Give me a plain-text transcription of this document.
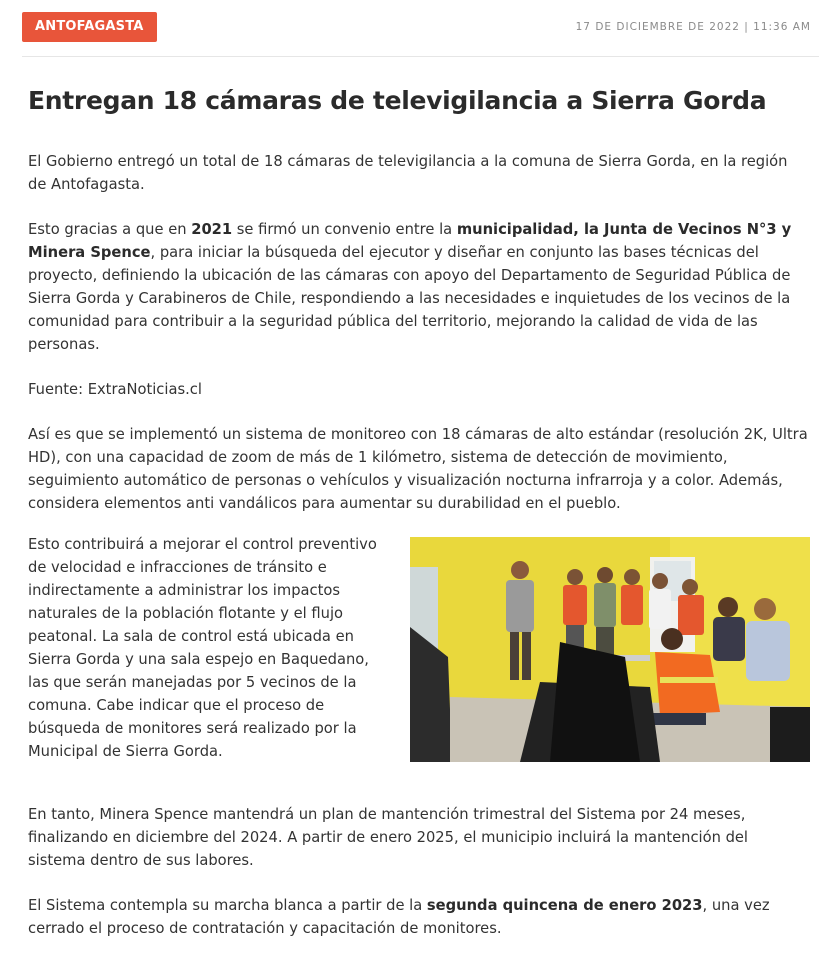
ANTOFAGASTA	17 DE DICIEMBRE DE 2022 | 11:36 AM
Entregan 18 cámaras de televigilancia a Sierra Gorda

El Gobierno entregó un total de 18 cámaras de televigilancia a la comuna de Sierra Gorda, en la región de Antofagasta.

Esto gracias a que en 2021 se firmó un convenio entre la municipalidad, la Junta de Vecinos N°3 y Minera Spence, para iniciar la búsqueda del ejecutor y diseñar en conjunto las bases técnicas del proyecto, definiendo la ubicación de las cámaras con apoyo del Departamento de Seguridad Pública de Sierra Gorda y Carabineros de Chile, respondiendo a las necesidades e inquietudes de los vecinos de la comunidad para contribuir a la seguridad pública del territorio, mejorando la calidad de vida de las personas.

Fuente: ExtraNoticias.cl

Así es que se implementó un sistema de monitoreo con 18 cámaras de alto estándar (resolución 2K, Ultra HD), con una capacidad de zoom de más de 1 kilómetro, sistema de detección de movimiento, seguimiento automático de personas o vehículos y visualización nocturna infrarroja y a color. Además, considera elementos anti vandálicos para aumentar su durabilidad en el pueblo.

Esto contribuirá a mejorar el control preventivo de velocidad e infracciones de tránsito e indirectamente a administrar los impactos naturales de la población flotante y el flujo peatonal. La sala de control está ubicada en Sierra Gorda y una sala espejo en Baquedano, las que serán manejadas por 5 vecinos de la comuna. Cabe indicar que el proceso de búsqueda de monitores será realizado por la Municipal de Sierra Gorda.

En tanto, Minera Spence mantendrá un plan de mantención trimestral del Sistema por 24 meses, finalizando en diciembre del 2024. A partir de enero 2025, el municipio incluirá la mantención del sistema dentro de sus labores.

El Sistema contempla su marcha blanca a partir de la segunda quincena de enero 2023, una vez cerrado el proceso de contratación y capacitación de monitores.
